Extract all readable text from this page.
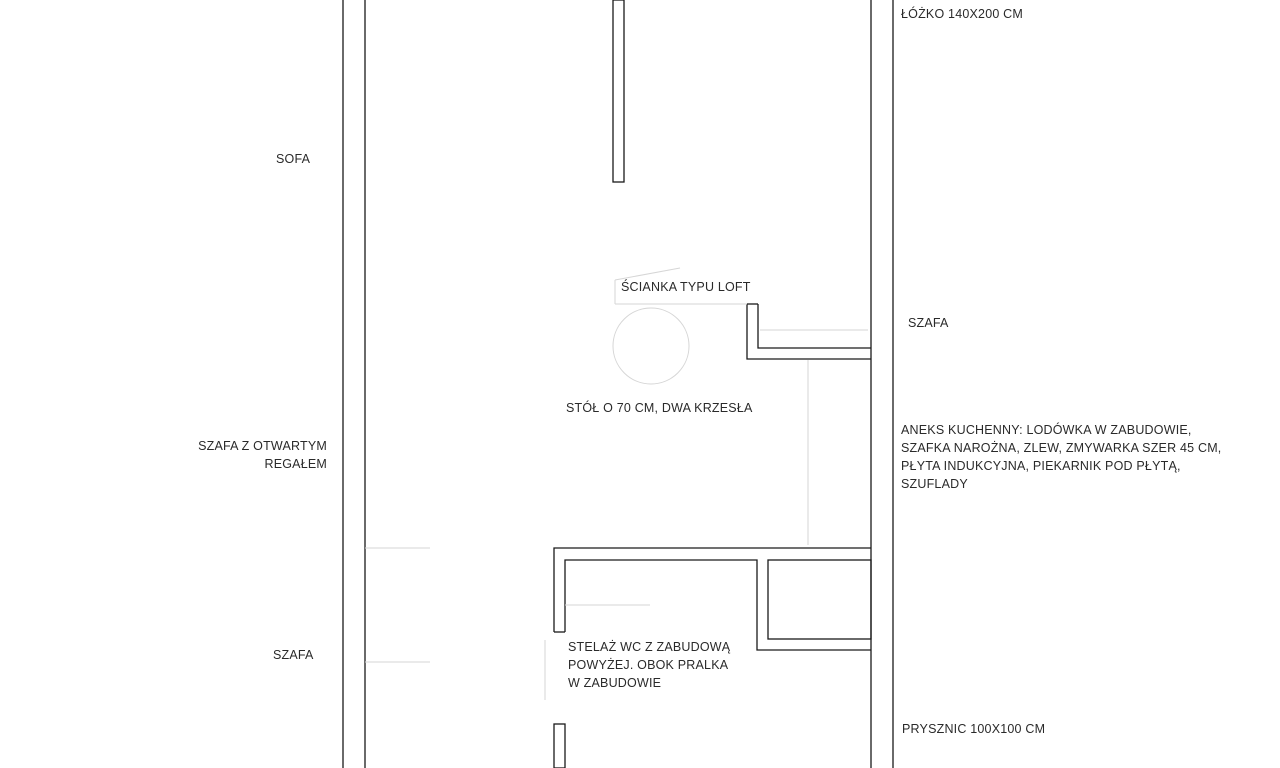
ŁÓŻKO 140X200 CM
SOFA
ŚCIANKA TYPU LOFT
SZAFA
STÓŁ O 70 CM, DWA KRZESŁA
ANEKS KUCHENNY: LODÓWKA W ZABUDOWIE,
SZAFKA NAROŻNA, ZLEW, ZMYWARKA SZER 45 CM,
PŁYTA INDUKCYJNA, PIEKARNIK POD PŁYTĄ,
SZUFLADY
SZAFA Z OTWARTYM
REGAŁEM
SZAFA
STELAŻ WC Z ZABUDOWĄ
POWYŻEJ. OBOK PRALKA
W ZABUDOWIE
PRYSZNIC 100X100 CM
